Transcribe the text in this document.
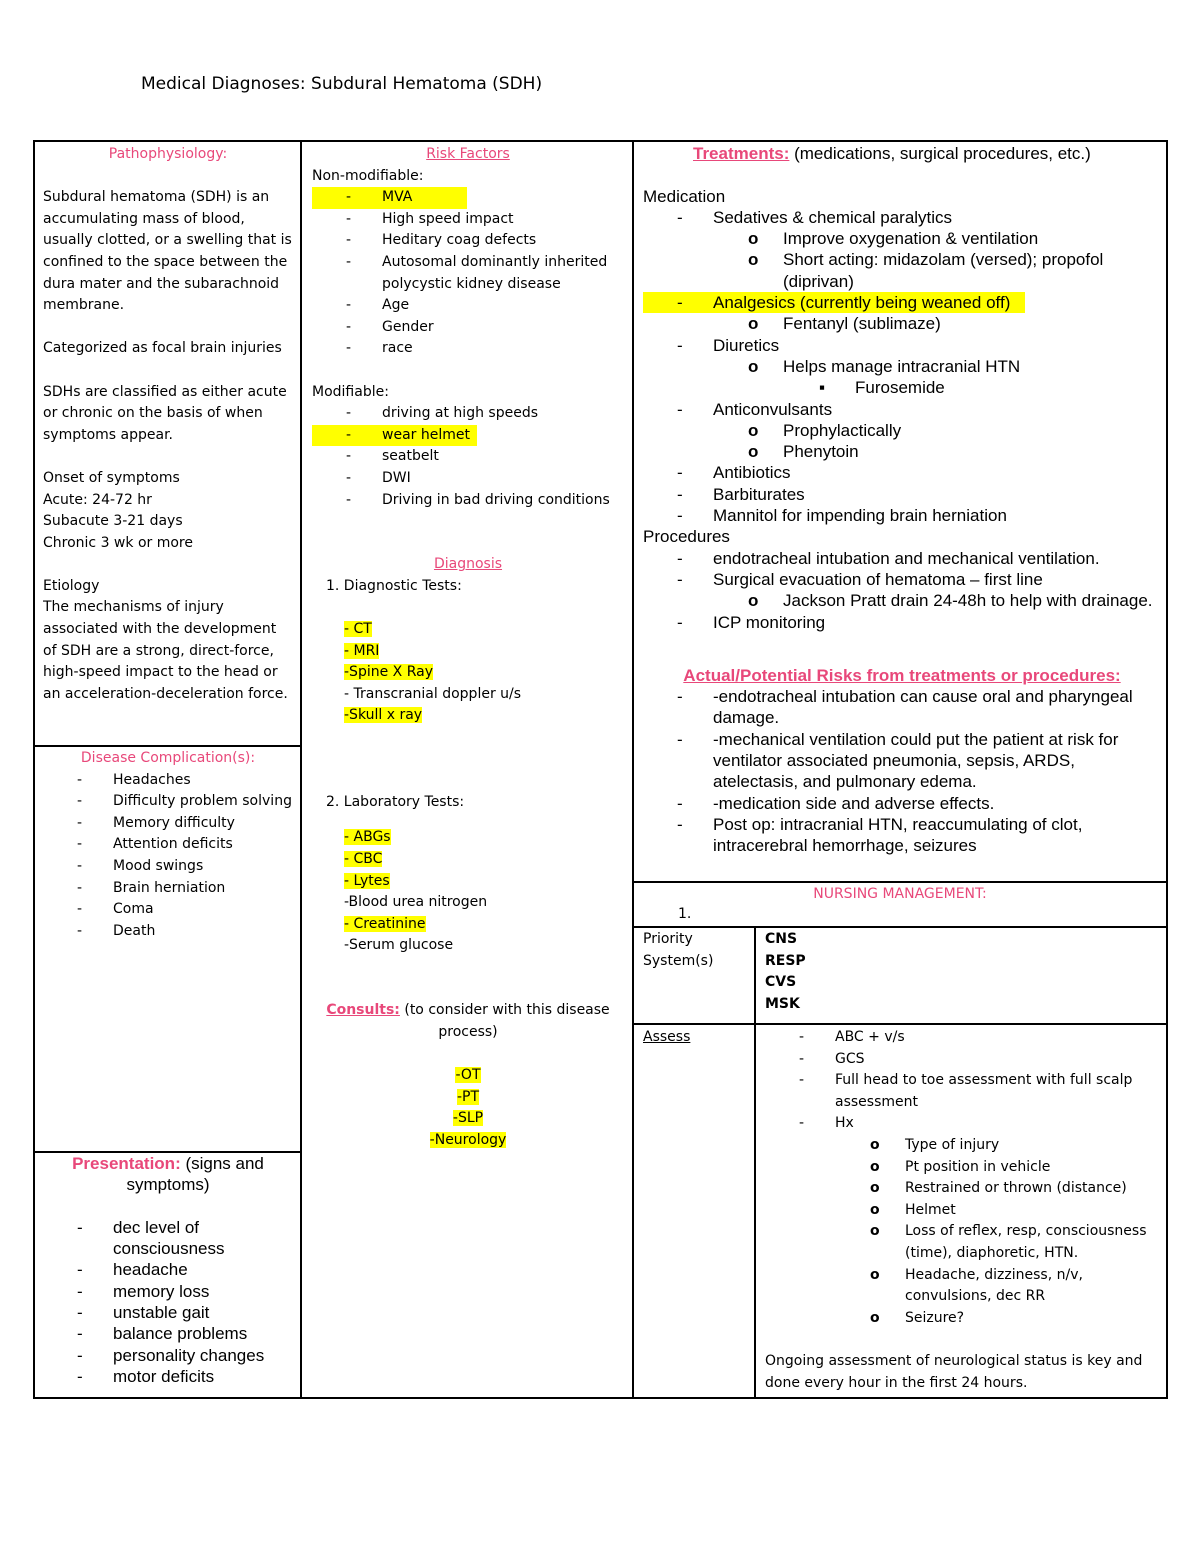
Medical Diagnoses: Subdural Hematoma (SDH)
Pathophysiology:
Subdural hematoma (SDH) is an accumulating mass of blood, usually clotted, or a swelling that is confined to the space between the dura mater and the subarachnoid membrane.
Categorized as focal brain injuries
SDHs are classified as either acute or chronic on the basis of when symptoms appear.
Onset of symptoms
Acute: 24-72 hr
Subacute 3-21 days
Chronic 3 wk or more
Etiology
The mechanisms of injury associated with the development of SDH are a strong, direct-force, high-speed impact to the head or an acceleration-deceleration force.
Disease Complication(s):
- Headaches
- Difficulty problem solving
- Memory difficulty
- Attention deficits
- Mood swings
- Brain herniation
- Coma
- Death
Presentation: (signs and symptoms)
- dec level of consciousness
- headache
- memory loss
- unstable gait
- balance problems
- personality changes
- motor deficits
Risk Factors
Non-modifiable:
- MVA
- High speed impact
- Heditary coag defects
- Autosomal dominantly inherited polycystic kidney disease
- Age
- Gender
- race
Modifiable:
- driving at high speeds
- wear helmet
- seatbelt
- DWI
- Driving in bad driving conditions
Diagnosis
1. Diagnostic Tests:
- CT
- MRI
-Spine X Ray
- Transcranial doppler u/s
-Skull x ray
2. Laboratory Tests:
- ABGs
- CBC
- Lytes
-Blood urea nitrogen
- Creatinine
-Serum glucose
Consults: (to consider with this disease process)
-OT
-PT
-SLP
-Neurology
Treatments: (medications, surgical procedures, etc.)
Medication
- Sedatives & chemical paralytics
o Improve oxygenation & ventilation
o Short acting: midazolam (versed); propofol (diprivan)
- Analgesics (currently being weaned off)
o Fentanyl (sublimaze)
- Diuretics
o Helps manage intracranial HTN
▪ Furosemide
- Anticonvulsants
o Prophylactically
o Phenytoin
- Antibiotics
- Barbiturates
- Mannitol for impending brain herniation
Procedures
- endotracheal intubation and mechanical ventilation.
- Surgical evacuation of hematoma – first line
o Jackson Pratt drain 24-48h to help with drainage.
- ICP monitoring
Actual/Potential Risks from treatments or procedures:
- -endotracheal intubation can cause oral and pharyngeal damage.
- -mechanical ventilation could put the patient at risk for ventilator associated pneumonia, sepsis, ARDS, atelectasis, and pulmonary edema.
- -medication side and adverse effects.
- Post op: intracranial HTN, reaccumulating of clot, intracerebral hemorrhage, seizures
NURSING MANAGEMENT:
1.
Priority System(s)
CNS
RESP
CVS
MSK
Assess
-	ABC + v/s
- GCS
- Full head to toe assessment with full scalp assessment
- Hx
o Type of injury
o Pt position in vehicle
o Restrained or thrown (distance)
o Helmet
o Loss of reflex, resp, consciousness (time), diaphoretic, HTN.
o Headache, dizziness, n/v, convulsions, dec RR
o Seizure?
Ongoing assessment of neurological status is key and done every hour in the first 24 hours.
